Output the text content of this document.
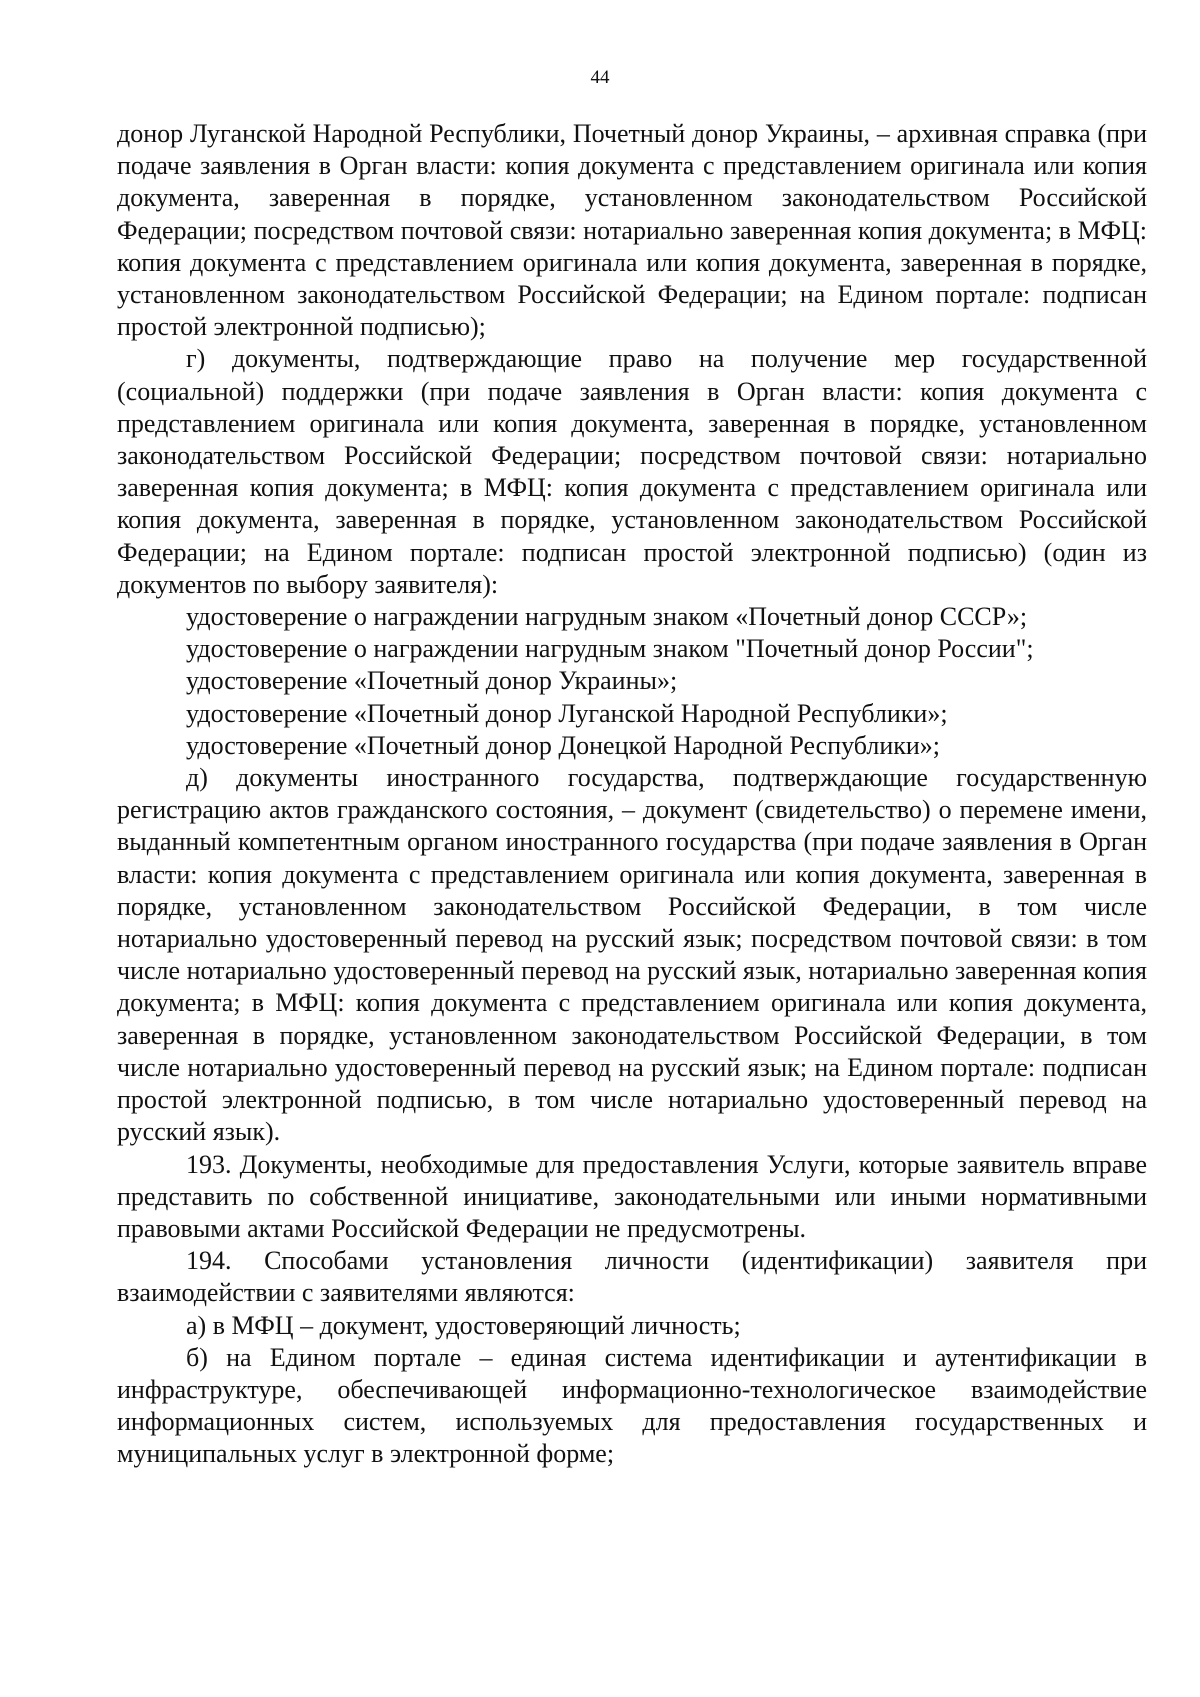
44

донор Луганской Народной Республики, Почетный донор Украины, – архивная справка (при подаче заявления в Орган власти: копия документа с представлением оригинала или копия документа, заверенная в порядке, установленном законодательством Российской Федерации; посредством почтовой связи: нотариально заверенная копия документа; в МФЦ: копия документа с представлением оригинала или копия документа, заверенная в порядке, установленном законодательством Российской Федерации; на Едином портале: подписан простой электронной подписью);

г) документы, подтверждающие право на получение мер государственной (социальной) поддержки (при подаче заявления в Орган власти: копия документа с представлением оригинала или копия документа, заверенная в порядке, установленном законодательством Российской Федерации; посредством почтовой связи: нотариально заверенная копия документа; в МФЦ: копия документа с представлением оригинала или копия документа, заверенная в порядке, установленном законодательством Российской Федерации; на Едином портале: подписан простой электронной подписью) (один из документов по выбору заявителя):

удостоверение о награждении нагрудным знаком «Почетный донор СССР»;

удостоверение о награждении нагрудным знаком "Почетный донор России";

удостоверение «Почетный донор Украины»;

удостоверение «Почетный донор Луганской Народной Республики»;

удостоверение «Почетный донор Донецкой Народной Республики»;

д) документы иностранного государства, подтверждающие государственную регистрацию актов гражданского состояния, – документ (свидетельство) о перемене имени, выданный компетентным органом иностранного государства (при подаче заявления в Орган власти: копия документа с представлением оригинала или копия документа, заверенная в порядке, установленном законодательством Российской Федерации, в том числе нотариально удостоверенный перевод на русский язык; посредством почтовой связи: в том числе нотариально удостоверенный перевод на русский язык, нотариально заверенная копия документа; в МФЦ: копия документа с представлением оригинала или копия документа, заверенная в порядке, установленном законодательством Российской Федерации, в том числе нотариально удостоверенный перевод на русский язык; на Едином портале: подписан простой электронной подписью, в том числе нотариально удостоверенный перевод на русский язык).

193. Документы, необходимые для предоставления Услуги, которые заявитель вправе представить по собственной инициативе, законодательными или иными нормативными правовыми актами Российской Федерации не предусмотрены.

194. Способами установления личности (идентификации) заявителя при взаимодействии с заявителями являются:

а) в МФЦ – документ, удостоверяющий личность;

б) на Едином портале – единая система идентификации и аутентификации в инфраструктуре, обеспечивающей информационно-технологическое взаимодействие информационных систем, используемых для предоставления государственных и муниципальных услуг в электронной форме;
